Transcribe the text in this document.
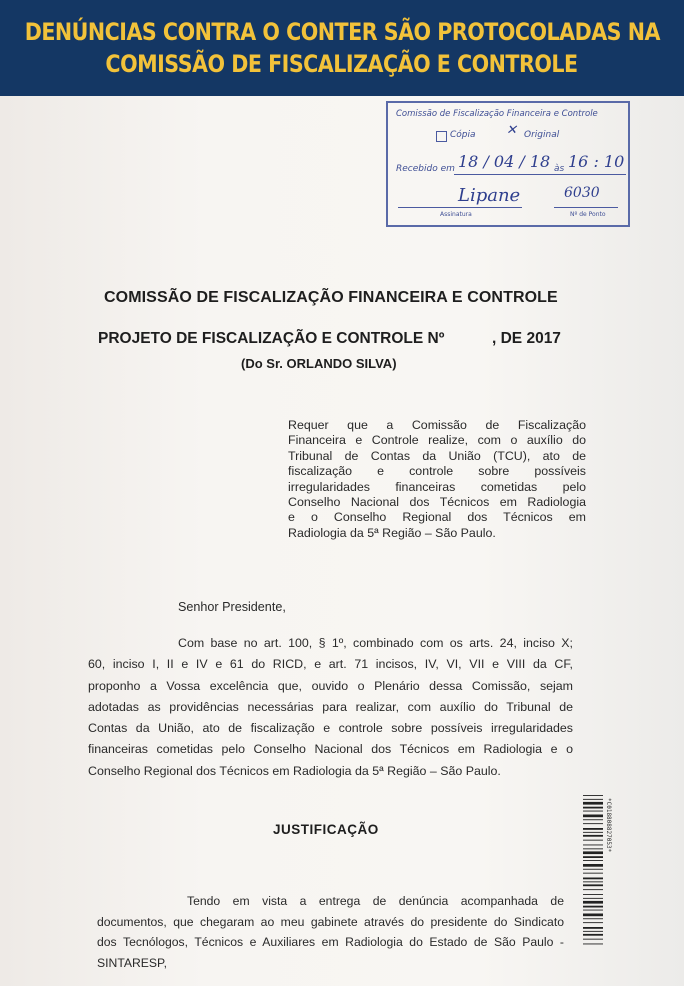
DENÚNCIAS CONTRA O CONTER SÃO PROTOCOLADAS NA
COMISSÃO DE FISCALIZAÇÃO E CONTROLE
Comissão de Fiscalização Financeira e Controle
Cópia ✕ Original
Recebido em 18 / 04 / 18 às 16 : 10
Lipane	6030
Assinatura	Nº de Ponto
COMISSÃO DE FISCALIZAÇÃO FINANCEIRA E CONTROLE
PROJETO DE FISCALIZAÇÃO E CONTROLE Nº	, DE 2017
(Do Sr. ORLANDO SILVA)
Requer que a Comissão de Fiscalização
Financeira e Controle realize, com o auxílio do
Tribunal de Contas da União (TCU), ato de
fiscalização e controle sobre possíveis
irregularidades financeiras cometidas pelo
Conselho Nacional dos Técnicos em Radiologia
e o Conselho Regional dos Técnicos em
Radiologia da 5ª Região – São Paulo.
Senhor Presidente,
Com base no art. 100, § 1º, combinado com os arts. 24, inciso X;
60, inciso I, II e IV e 61 do RICD, e art. 71 incisos, IV, VI, VII e VIII da CF,
proponho a Vossa excelência que, ouvido o Plenário dessa Comissão, sejam
adotadas as providências necessárias para realizar, com auxílio do Tribunal de
Contas da União, ato de fiscalização e controle sobre possíveis irregularidades
financeiras cometidas pelo Conselho Nacional dos Técnicos em Radiologia e o
Conselho Regional dos Técnicos em Radiologia da 5ª Região – São Paulo.
JUSTIFICAÇÃO
Tendo em vista a entrega de denúncia acompanhada de
documentos, que chegaram ao meu gabinete através do presidente do Sindicato
dos Tecnólogos, Técnicos e Auxiliares em Radiologia do Estado de São Paulo -
SINTARESP,
*C018808827053*
